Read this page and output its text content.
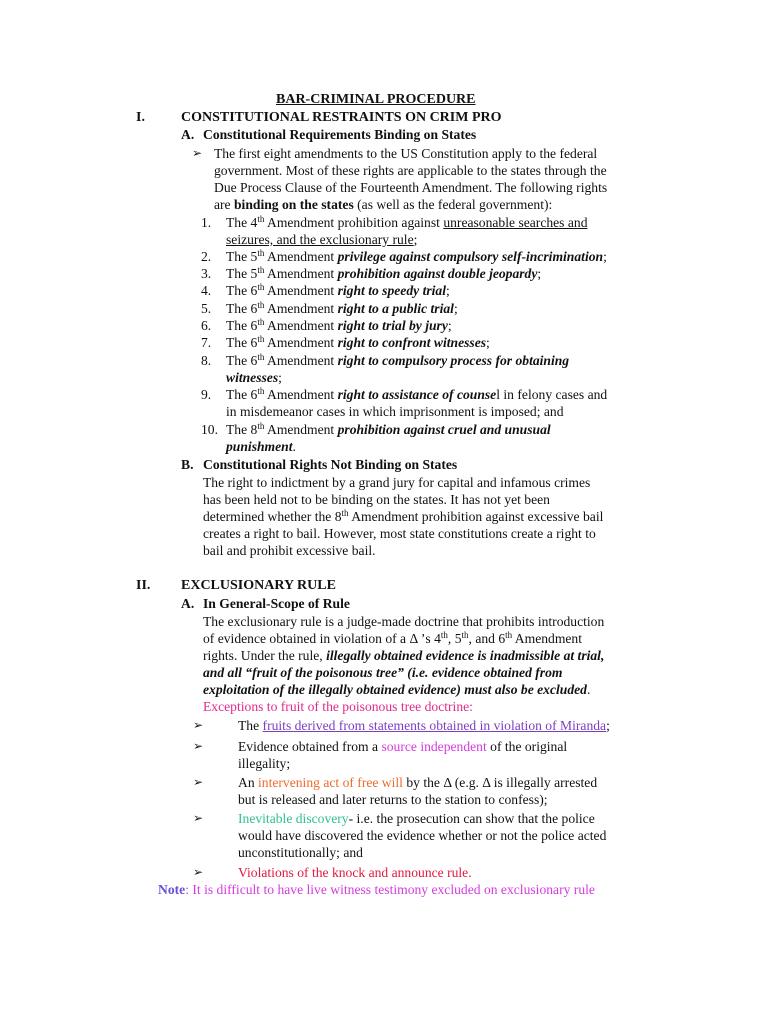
BAR-CRIMINAL PROCEDURE
I.	CONSTITUTIONAL RESTRAINTS ON CRIM PRO
A. Constitutional Requirements Binding on States
➢ The first eight amendments to the US Constitution apply to the federal
government. Most of these rights are applicable to the states through the
Due Process Clause of the Fourteenth Amendment. The following rights
are binding on the states (as well as the federal government):
1. The 4th Amendment prohibition against unreasonable searches and
seizures, and the exclusionary rule;
2. The 5th Amendment privilege against compulsory self-incrimination;
3. The 5th Amendment prohibition against double jeopardy;
4. The 6th Amendment right to speedy trial;
5. The 6th Amendment right to a public trial;
6. The 6th Amendment right to trial by jury;
7. The 6th Amendment right to confront witnesses;
8. The 6th Amendment right to compulsory process for obtaining
witnesses;
9. The 6th Amendment right to assistance of counsel in felony cases and
in misdemeanor cases in which imprisonment is imposed; and
10. The 8th Amendment prohibition against cruel and unusual
punishment.
B. Constitutional Rights Not Binding on States
The right to indictment by a grand jury for capital and infamous crimes
has been held not to be binding on the states. It has not yet been
determined whether the 8th Amendment prohibition against excessive bail
creates a right to bail. However, most state constitutions create a right to
bail and prohibit excessive bail.
II. EXCLUSIONARY RULE
A. In General-Scope of Rule
The exclusionary rule is a judge-made doctrine that prohibits introduction
of evidence obtained in violation of a Δ ’s 4th, 5th, and 6th Amendment
rights. Under the rule, illegally obtained evidence is inadmissible at trial,
and all “fruit of the poisonous tree” (i.e. evidence obtained from
exploitation of the illegally obtained evidence) must also be excluded.
Exceptions to fruit of the poisonous tree doctrine:
➢	The fruits derived from statements obtained in violation of Miranda;
➢	Evidence obtained from a source independent of the original
illegality;
➢	An intervening act of free will by the Δ (e.g. Δ is illegally arrested
but is released and later returns to the station to confess);
➢	Inevitable discovery- i.e. the prosecution can show that the police
would have discovered the evidence whether or not the police acted
unconstitutionally; and
➢	Violations of the knock and announce rule.
Note: It is difficult to have live witness testimony excluded on exclusionary rule
